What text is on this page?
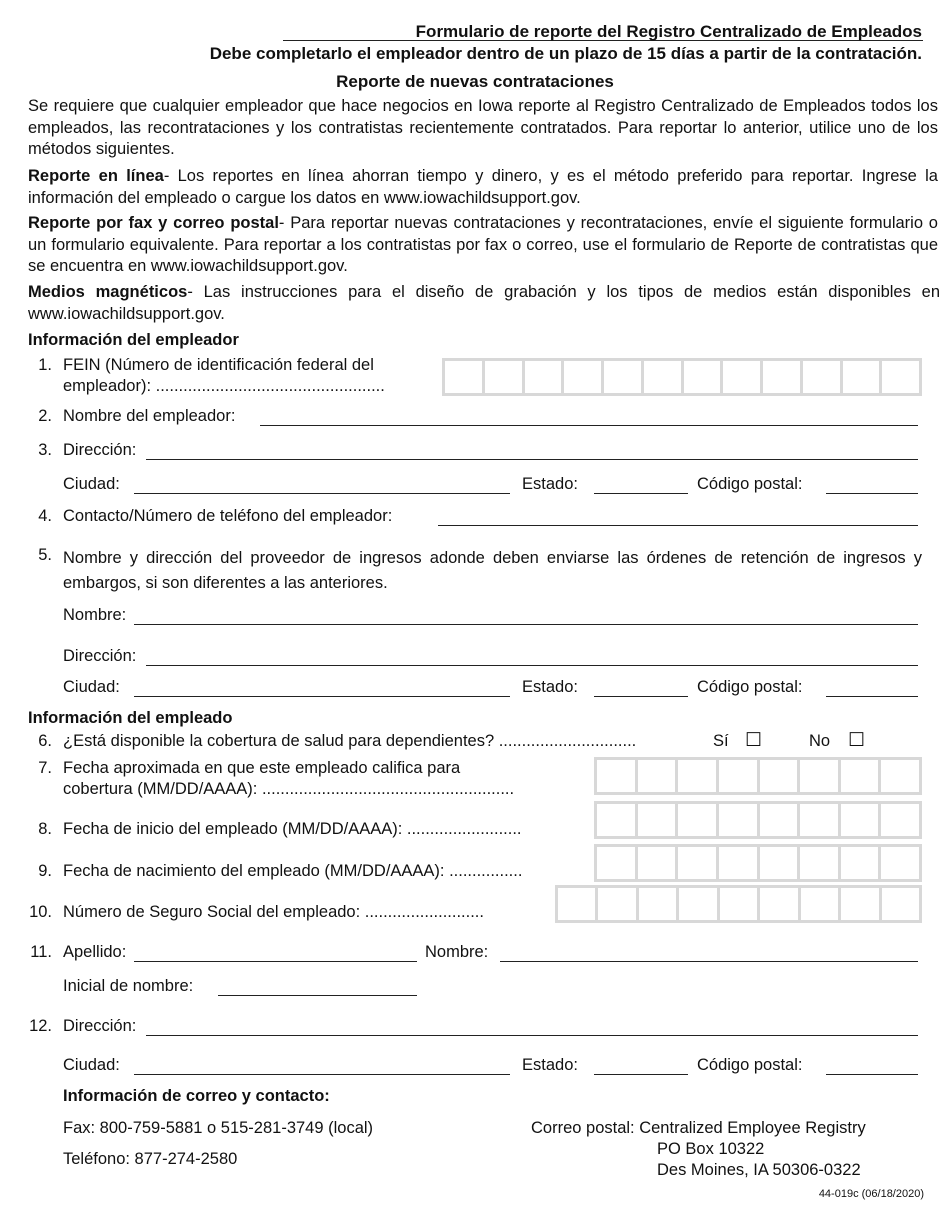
Formulario de reporte del Registro Centralizado de Empleados
Debe completarlo el empleador dentro de un plazo de 15 días a partir de la contratación.
Reporte de nuevas contrataciones
Se requiere que cualquier empleador que hace negocios en Iowa reporte al Registro Centralizado de Empleados todos los empleados, las recontrataciones y los contratistas recientemente contratados. Para reportar lo anterior, utilice uno de los métodos siguientes.
Reporte en línea- Los reportes en línea ahorran tiempo y dinero, y es el método preferido para reportar. Ingrese la información del empleado o cargue los datos en www.iowachildsupport.gov.
Reporte por fax y correo postal- Para reportar nuevas contrataciones y recontrataciones, envíe el siguiente formulario o un formulario equivalente. Para reportar a los contratistas por fax o correo, use el formulario de Reporte de contratistas que se encuentra en www.iowachildsupport.gov.
Medios magnéticos- Las instrucciones para el diseño de grabación y los tipos de medios están disponibles en www.iowachildsupport.gov.
Información del empleador
1. FEIN (Número de identificación federal del
empleador): ..................................................
2. Nombre del empleador:
3. Dirección:
Ciudad:	Estado:	Código postal:
4. Contacto/Número de teléfono del empleador:
5. Nombre y dirección del proveedor de ingresos adonde deben enviarse las órdenes de retención de ingresos y embargos, si son diferentes a las anteriores.
Nombre:
Dirección:
Ciudad:	Estado:	Código postal:
Información del empleado
6. ¿Está disponible la cobertura de salud para dependientes? ..............................	Sí ☐	No ☐
7. Fecha aproximada en que este empleado califica para
cobertura (MM/DD/AAAA): .......................................................
8. Fecha de inicio del empleado (MM/DD/AAAA): .........................
9. Fecha de nacimiento del empleado (MM/DD/AAAA): ................
10. Número de Seguro Social del empleado: ..........................
11. Apellido:	Nombre:
Inicial de nombre:
12. Dirección:
Ciudad:	Estado:	Código postal:
Información de correo y contacto:
Fax: 800-759-5881 o 515-281-3749 (local)
Teléfono: 877-274-2580
Correo postal: Centralized Employee Registry
PO Box 10322
Des Moines, IA 50306-0322
44-019c (06/18/2020)
